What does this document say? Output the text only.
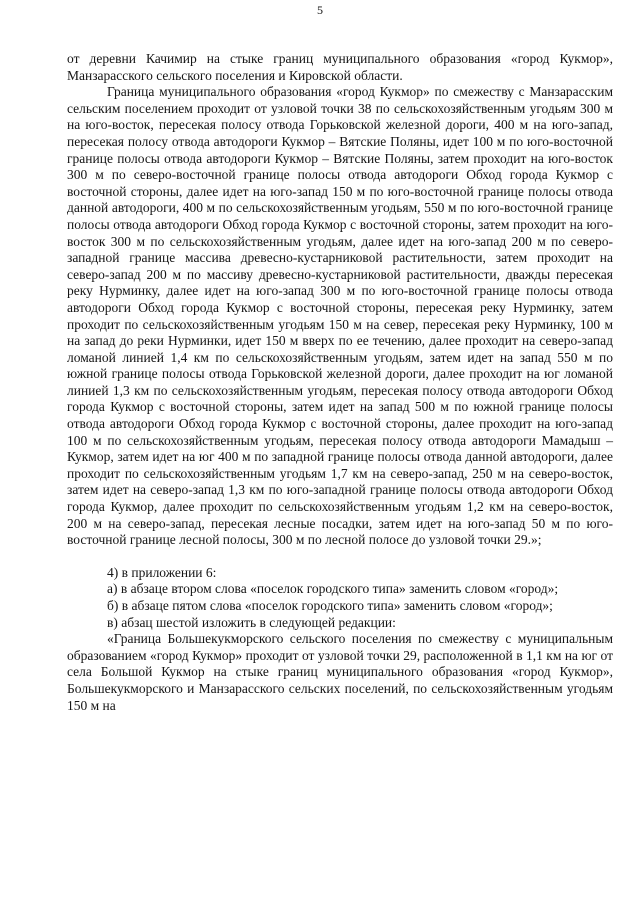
5

от деревни Качимир на стыке границ муниципального образования «город Кукмор», Манзарасского сельского поселения и Кировской области.

Граница муниципального образования «город Кукмор» по смежеству с Манзарасским сельским поселением проходит от узловой точки 38 по сельскохозяйственным угодьям 300 м на юго-восток, пересекая полосу отвода Горьковской железной дороги, 400 м на юго-запад, пересекая полосу отвода автодороги Кукмор – Вятские Поляны, идет 100 м по юго-восточной границе полосы отвода автодороги Кукмор – Вятские Поляны, затем проходит на юго-восток 300 м по северо-восточной границе полосы отвода автодороги Обход города Кукмор с восточной стороны, далее идет на юго-запад 150 м по юго-восточной границе полосы отвода данной автодороги, 400 м по сельскохозяйственным угодьям, 550 м по юго-восточной границе полосы отвода автодороги Обход города Кукмор с восточной стороны, затем проходит на юго-восток 300 м по сельскохозяйственным угодьям, далее идет на юго-запад 200 м по северо-западной границе массива древесно-кустарниковой растительности, затем проходит на северо-запад 200 м по массиву древесно-кустарниковой растительности, дважды пересекая реку Нурминку, далее идет на юго-запад 300 м по юго-восточной границе полосы отвода автодороги Обход города Кукмор с восточной стороны, пересекая реку Нурминку, затем проходит по сельскохозяйственным угодьям 150 м на север, пересекая реку Нурминку, 100 м на запад до реки Нурминки, идет 150 м вверх по ее течению, далее проходит на северо-запад ломаной линией 1,4 км по сельскохозяйственным угодьям, затем идет на запад 550 м по южной границе полосы отвода Горьковской железной дороги, далее проходит на юг ломаной линией 1,3 км по сельскохозяйственным угодьям, пересекая полосу отвода автодороги Обход города Кукмор с восточной стороны, затем идет на запад 500 м по южной границе полосы отвода автодороги Обход города Кукмор с восточной стороны, далее проходит на юго-запад 100 м по сельскохозяйственным угодьям, пересекая полосу отвода автодороги Мамадыш – Кукмор, затем идет на юг 400 м по западной границе полосы отвода данной автодороги, далее проходит по сельскохозяйственным угодьям 1,7 км на северо-запад, 250 м на северо-восток, затем идет на северо-запад 1,3 км по юго-западной границе полосы отвода автодороги Обход города Кукмор, далее проходит по сельскохозяйственным угодьям 1,2 км на северо-восток, 200 м на северо-запад, пересекая лесные посадки, затем идет на юго-запад 50 м по юго-восточной границе лесной полосы, 300 м по лесной полосе до узловой точки 29.»;

4) в приложении 6:

а) в абзаце втором слова «поселок городского типа» заменить словом «город»;

б) в абзаце пятом слова «поселок городского типа» заменить словом «город»;

в) абзац шестой изложить в следующей редакции:

«Граница Большекукморского сельского поселения по смежеству с муниципальным образованием «город Кукмор» проходит от узловой точки 29, расположенной в 1,1 км на юг от села Большой Кукмор на стыке границ муниципального образования «город Кукмор», Большекукморского и Манзарасского сельских поселений, по сельскохозяйственным угодьям 150 м на
